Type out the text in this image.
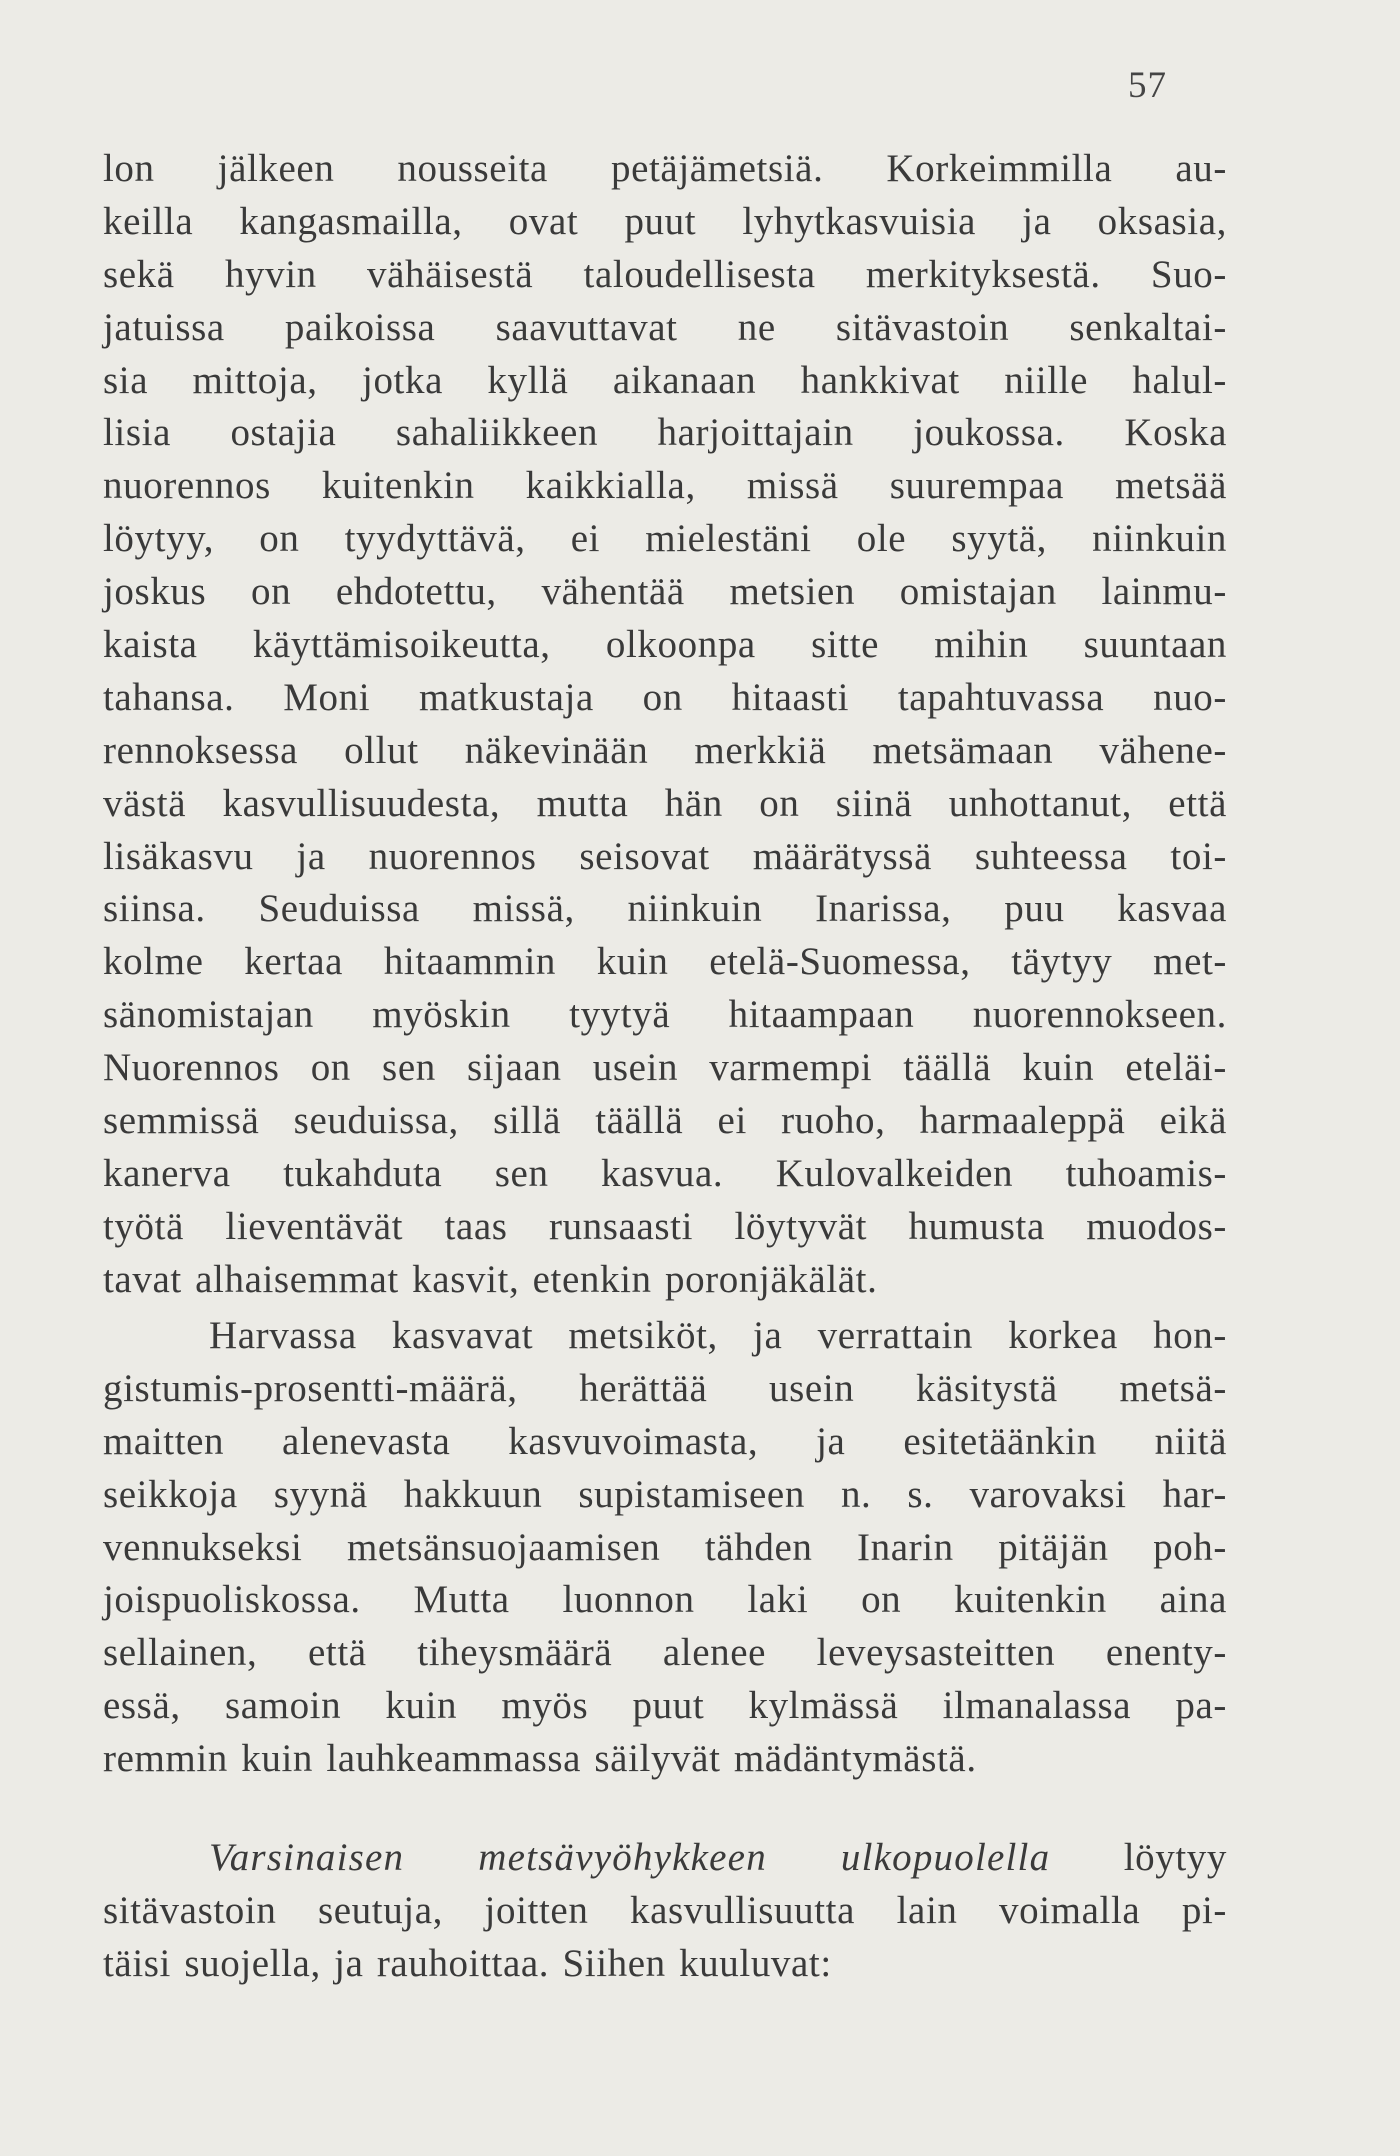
57
lon jälkeen nousseita petäjämetsiä. Korkeimmilla au-
keilla kangasmailla, ovat puut lyhytkasvuisia ja oksasia,
sekä hyvin vähäisestä taloudellisesta merkityksestä. Suo-
jatuissa paikoissa saavuttavat ne sitävastoin senkaltai-
sia mittoja, jotka kyllä aikanaan hankkivat niille halul-
lisia ostajia sahaliikkeen harjoittajain joukossa. Koska
nuorennos kuitenkin kaikkialla, missä suurempaa metsää
löytyy, on tyydyttävä, ei mielestäni ole syytä, niinkuin
joskus on ehdotettu, vähentää metsien omistajan lainmu-
kaista käyttämisoikeutta, olkoonpa sitte mihin suuntaan
tahansa. Moni matkustaja on hitaasti tapahtuvassa nuo-
rennoksessa ollut näkevinään merkkiä metsämaan vähene-
västä kasvullisuudesta, mutta hän on siinä unhottanut, että
lisäkasvu ja nuorennos seisovat määrätyssä suhteessa toi-
siinsa. Seuduissa missä, niinkuin Inarissa, puu kasvaa
kolme kertaa hitaammin kuin etelä-Suomessa, täytyy met-
sänomistajan myöskin tyytyä hitaampaan nuorennokseen.
Nuorennos on sen sijaan usein varmempi täällä kuin eteläi-
semmissä seuduissa, sillä täällä ei ruoho, harmaaleppä eikä
kanerva tukahduta sen kasvua. Kulovalkeiden tuhoamis-
työtä lieventävät taas runsaasti löytyvät humusta muodos-
tavat alhaisemmat kasvit, etenkin poronjäkälät.
Harvassa kasvavat metsiköt, ja verrattain korkea hon-
gistumis-prosentti-määrä, herättää usein käsitystä metsä-
maitten alenevasta kasvuvoimasta, ja esitetäänkin niitä
seikkoja syynä hakkuun supistamiseen n. s. varovaksi har-
vennukseksi metsänsuojaamisen tähden Inarin pitäjän poh-
joispuoliskossa. Mutta luonnon laki on kuitenkin aina
sellainen, että tiheysmäärä alenee leveysasteitten enenty-
essä, samoin kuin myös puut kylmässä ilmanalassa pa-
remmin kuin lauhkeammassa säilyvät mädäntymästä.
Varsinaisen metsävyöhykkeen ulkopuolella löytyy
sitävastoin seutuja, joitten kasvullisuutta lain voimalla pi-
täisi suojella, ja rauhoittaa. Siihen kuuluvat:
